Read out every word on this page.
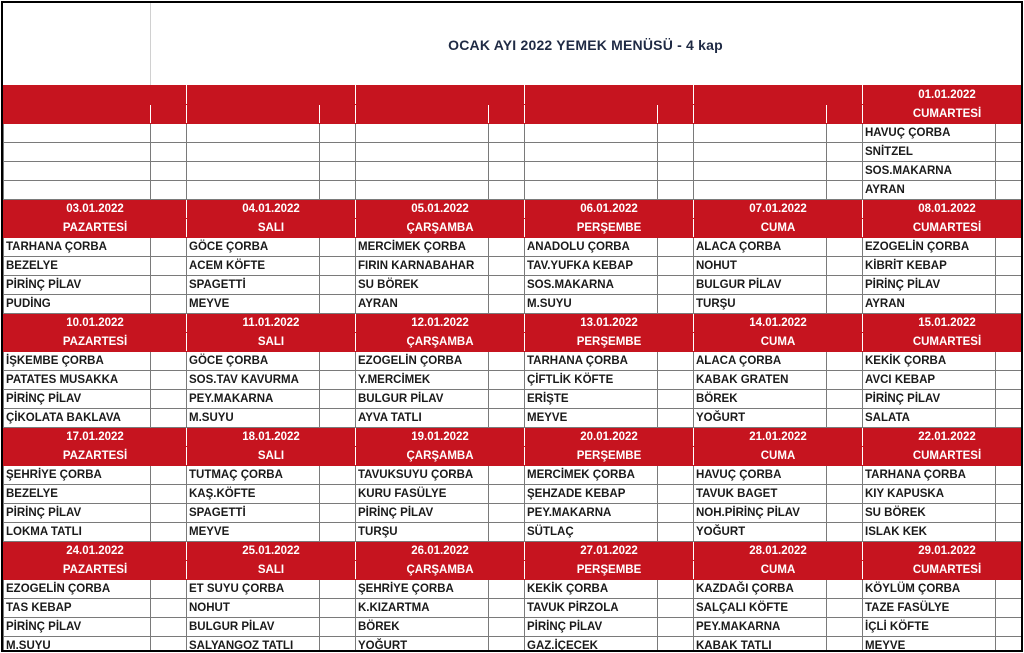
OCAK AYI 2022 YEMEK MENÜSÜ - 4 kap
										01.01.2022	
										CUMARTESİ	
										HAVUÇ ÇORBA	
										SNİTZEL	
										SOS.MAKARNA	
										AYRAN	
03.01.2022		04.01.2022		05.01.2022		06.01.2022		07.01.2022		08.01.2022	
PAZARTESİ		SALI		ÇARŞAMBA		PERŞEMBE		CUMA		CUMARTESİ	
TARHANA ÇORBA		GÖCE ÇORBA		MERCİMEK ÇORBA		ANADOLU ÇORBA		ALACA ÇORBA		EZOGELİN ÇORBA	
BEZELYE		ACEM KÖFTE		FIRIN KARNABAHAR		TAV.YUFKA KEBAP		NOHUT		KİBRİT KEBAP	
PİRİNÇ PİLAV		SPAGETTİ		SU BÖREK		SOS.MAKARNA		BULGUR PİLAV		PİRİNÇ PİLAV	
PUDİNG		MEYVE		AYRAN		M.SUYU		TURŞU		AYRAN	
10.01.2022		11.01.2022		12.01.2022		13.01.2022		14.01.2022		15.01.2022	
PAZARTESİ		SALI		ÇARŞAMBA		PERŞEMBE		CUMA		CUMARTESİ	
İŞKEMBE ÇORBA		GÖCE ÇORBA		EZOGELİN ÇORBA		TARHANA ÇORBA		ALACA ÇORBA		KEKİK ÇORBA	
PATATES MUSAKKA		SOS.TAV KAVURMA		Y.MERCİMEK		ÇİFTLİK KÖFTE		KABAK GRATEN		AVCI KEBAP	
PİRİNÇ PİLAV		PEY.MAKARNA		BULGUR PİLAV		ERİŞTE		BÖREK		PİRİNÇ PİLAV	
ÇİKOLATA BAKLAVA		M.SUYU		AYVA TATLI		MEYVE		YOĞURT		SALATA	
17.01.2022		18.01.2022		19.01.2022		20.01.2022		21.01.2022		22.01.2022	
PAZARTESİ		SALI		ÇARŞAMBA		PERŞEMBE		CUMA		CUMARTESİ	
ŞEHRİYE ÇORBA		TUTMAÇ ÇORBA		TAVUKSUYU ÇORBA		MERCİMEK ÇORBA		HAVUÇ ÇORBA		TARHANA ÇORBA	
BEZELYE		KAŞ.KÖFTE		KURU FASÜLYE		ŞEHZADE KEBAP		TAVUK BAGET		KIY KAPUSKA	
PİRİNÇ PİLAV		SPAGETTİ		PİRİNÇ PİLAV		PEY.MAKARNA		NOH.PİRİNÇ PİLAV		SU BÖREK	
LOKMA TATLI		MEYVE		TURŞU		SÜTLAÇ		YOĞURT		ISLAK KEK	
24.01.2022		25.01.2022		26.01.2022		27.01.2022		28.01.2022		29.01.2022	
PAZARTESİ		SALI		ÇARŞAMBA		PERŞEMBE		CUMA		CUMARTESİ	
EZOGELİN ÇORBA		ET SUYU ÇORBA		ŞEHRİYE ÇORBA		KEKİK ÇORBA		KAZDAĞI ÇORBA		KÖYLÜM ÇORBA	
TAS KEBAP		NOHUT		K.KIZARTMA		TAVUK PİRZOLA		SALÇALI KÖFTE		TAZE FASÜLYE	
PİRİNÇ PİLAV		BULGUR PİLAV		BÖREK		PİRİNÇ PİLAV		PEY.MAKARNA		İÇLİ KÖFTE	
M.SUYU		SALYANGOZ TATLI		YOĞURT		GAZ.İÇECEK		KABAK TATLI		MEYVE	
